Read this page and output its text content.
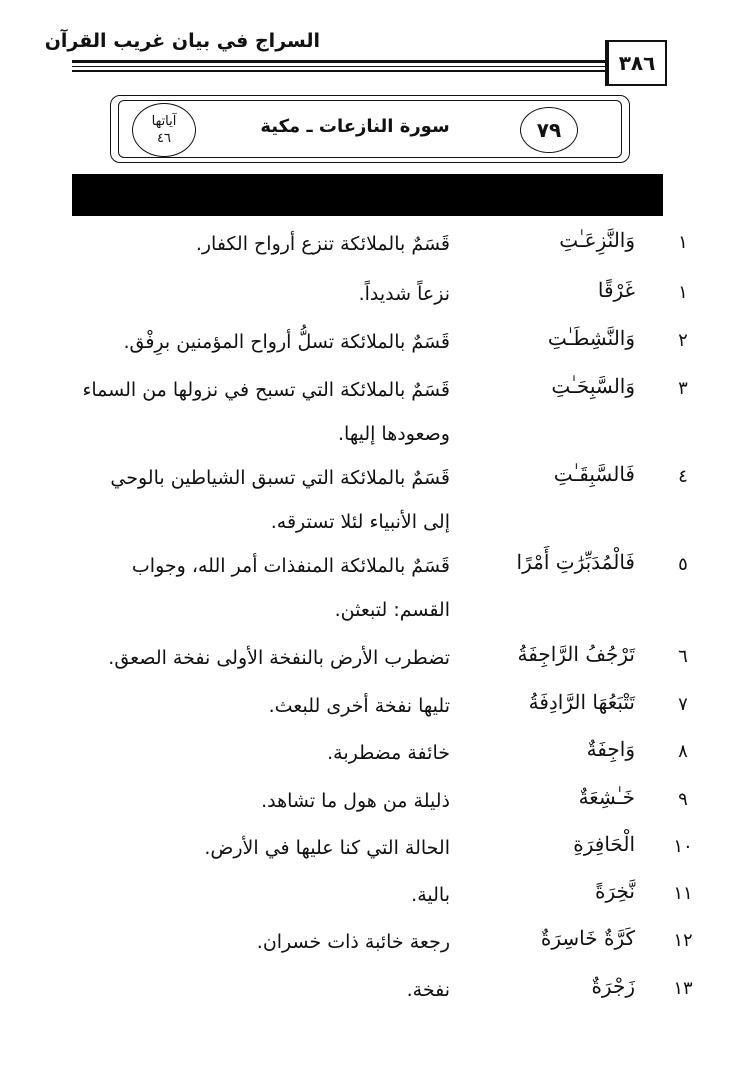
السراج في بيان غريب القرآن
٣٨٦
آياتها
٤٦
سورة النازعات ـ مكية	٧٩
١
وَالنَّزِعَـٰتِ
قَسَمٌ بالملائكة تنزع أرواح الكفار.
١
غَرْقًا
نزعاً شديداً.
٢
وَالنَّشِطَـٰتِ
قَسَمٌ بالملائكة تسلُّ أرواح المؤمنين برِفْق.
٣
وَالسَّبِحَـٰتِ
قَسَمٌ بالملائكة التي تسبح في نزولها من السماء وصعودها إليها.
٤
فَالسَّبِقَـٰتِ
قَسَمٌ بالملائكة التي تسبق الشياطين بالوحي إلى الأنبياء لئلا تسترقه.
٥
فَالْمُدَبِّرَٰتِ أَمْرًا
قَسَمٌ بالملائكة المنفذات أمر الله، وجواب القسم: لتبعثن.
٦
تَرْجُفُ الرَّاجِفَةُ
تضطرب الأرض بالنفخة الأولى نفخة الصعق.
٧
تَتْبَعُهَا الرَّادِفَةُ
تليها نفخة أخرى للبعث.
٨
وَاجِفَةٌ
خائفة مضطربة.
٩
خَـٰشِعَةٌ
ذليلة من هول ما تشاهد.
١٠
الْحَافِرَةِ
الحالة التي كنا عليها في الأرض.
١١
نَّخِرَةً
بالية.
١٢
كَرَّةٌ خَاسِرَةٌ
رجعة خائبة ذات خسران.
١٣
زَجْرَةٌ
نفخة.
